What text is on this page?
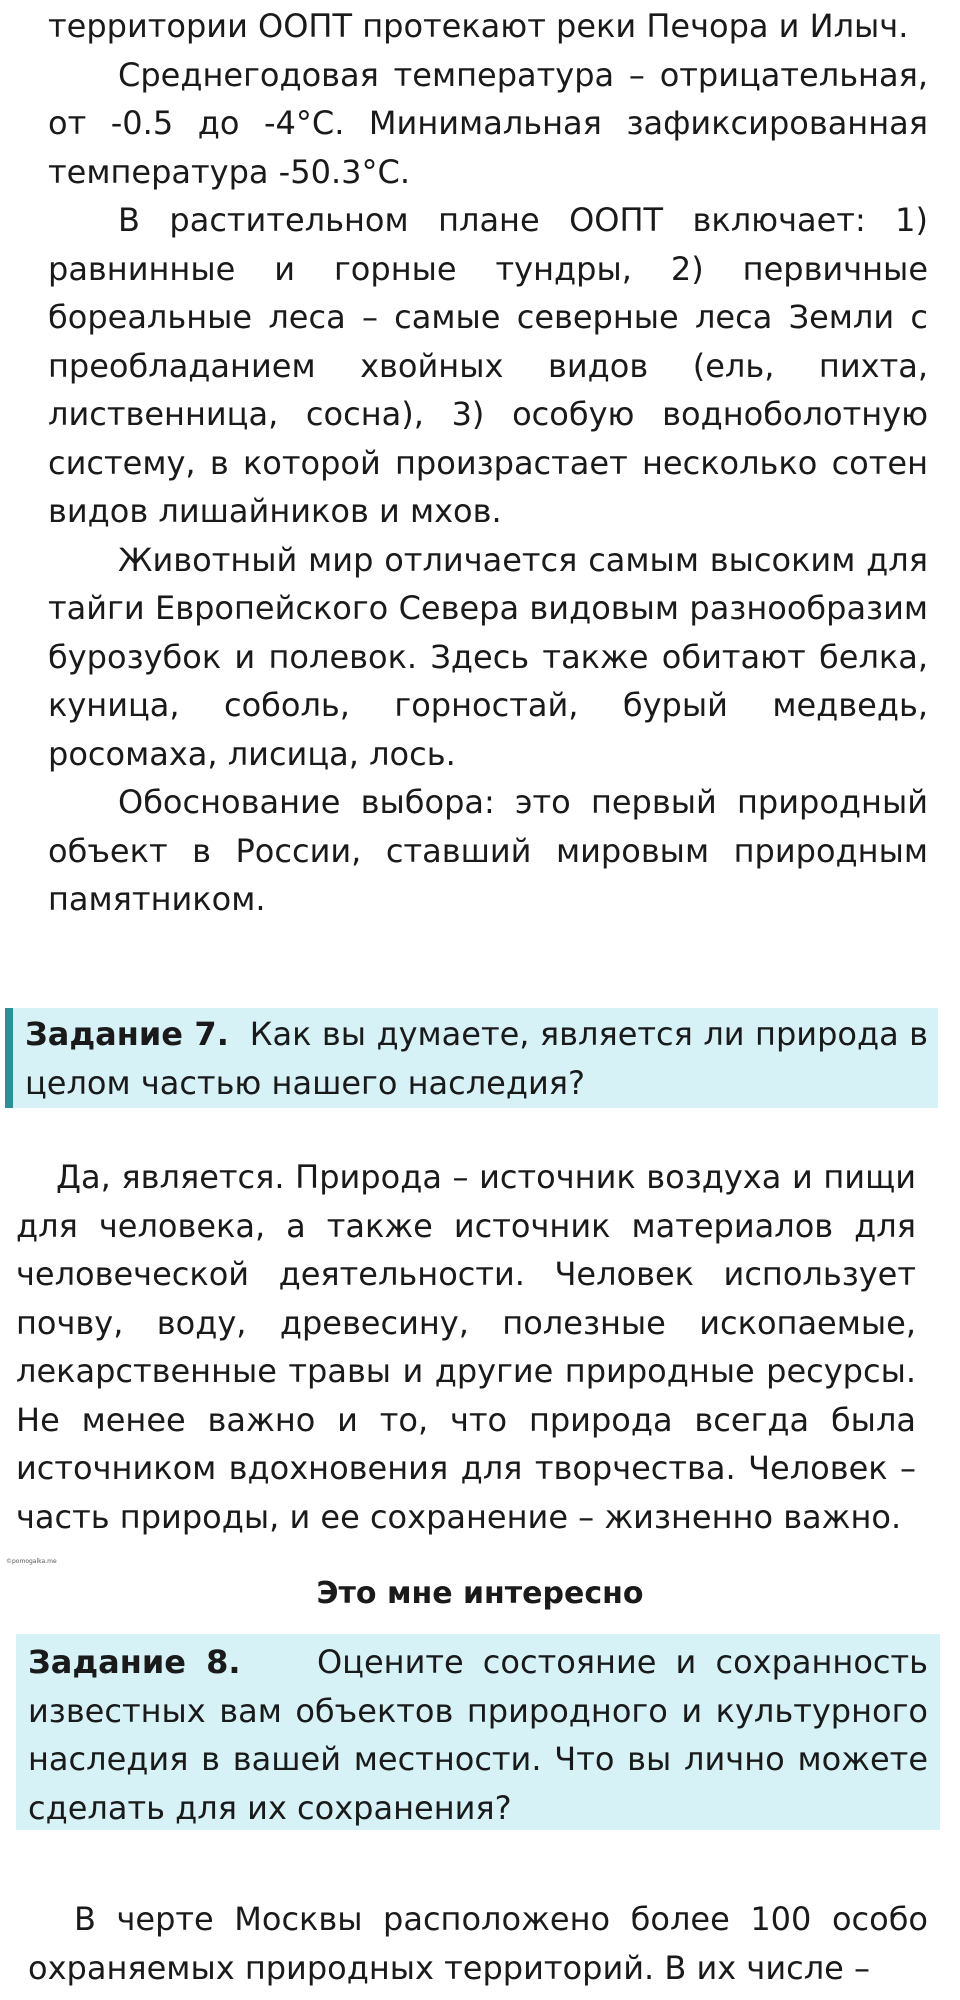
территории ООПТ протекают реки Печора и Илыч.

Среднегодовая температура – отрицательная, от -0.5 до -4°С. Минимальная зафиксированная температура -50.3°С.

В растительном плане ООПТ включает: 1) равнинные и горные тундры, 2) первичные бореальные леса – самые северные леса Земли с преобладанием хвойных видов (ель, пихта, лиственница, сосна), 3) особую водноболотную систему, в которой произрастает несколько сотен видов лишайников и мхов.

Животный мир отличается самым высоким для тайги Европейского Севера видовым разнообразим бурозубок и полевок. Здесь также обитают белка, куница, соболь, горностай, бурый медведь, росомаха, лисица, лось.

Обоснование выбора: это первый природный объект в России, ставший мировым природным памятником.

Задание 7. Как вы думаете, является ли природа в целом частью нашего наследия?

Да, является. Природа – источник воздуха и пищи для человека, а также источник материалов для человеческой деятельности. Человек использует почву, воду, древесину, полезные ископаемые, лекарственные травы и другие природные ресурсы. Не менее важно и то, что природа всегда была источником вдохновения для творчества. Человек – часть природы, и ее сохранение – жизненно важно.

©pomogalka.me
Это мне интересно

Задание 8. Оцените состояние и сохранность известных вам объектов природного и культурного наследия в вашей местности. Что вы лично можете сделать для их сохранения?

В черте Москвы расположено более 100 особо охраняемых природных территорий. В их числе –
